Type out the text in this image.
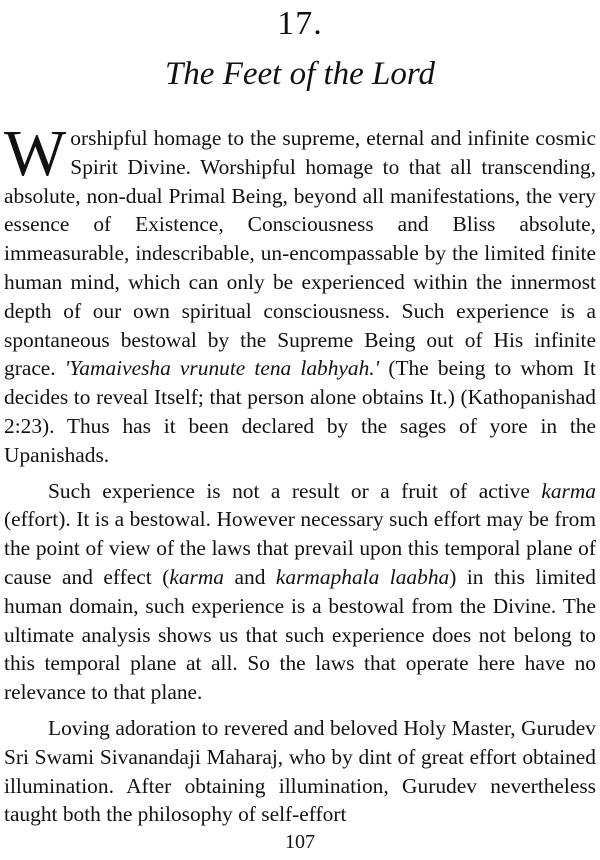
17.
The Feet of the Lord

Worshipful homage to the supreme, eternal and infinite cosmic Spirit Divine. Worshipful homage to that all transcending, absolute, non-dual Primal Being, beyond all manifestations, the very essence of Existence, Consciousness and Bliss absolute, immeasurable, indescribable, un-encompassable by the limited finite human mind, which can only be experienced within the innermost depth of our own spiritual consciousness. Such experience is a spontaneous bestowal by the Supreme Being out of His infinite grace. 'Yamaivesha vrunute tena labhyah.' (The being to whom It decides to reveal Itself; that person alone obtains It.) (Kathopanishad 2:23). Thus has it been declared by the sages of yore in the Upanishads.

Such experience is not a result or a fruit of active karma (effort). It is a bestowal. However necessary such effort may be from the point of view of the laws that prevail upon this temporal plane of cause and effect (karma and karmaphala laabha) in this limited human domain, such experience is a bestowal from the Divine. The ultimate analysis shows us that such experience does not belong to this temporal plane at all. So the laws that operate here have no relevance to that plane.

Loving adoration to revered and beloved Holy Master, Gurudev Sri Swami Sivanandaji Maharaj, who by dint of great effort obtained illumination. After obtaining illumination, Gurudev nevertheless taught both the philosophy of self-effort

107
